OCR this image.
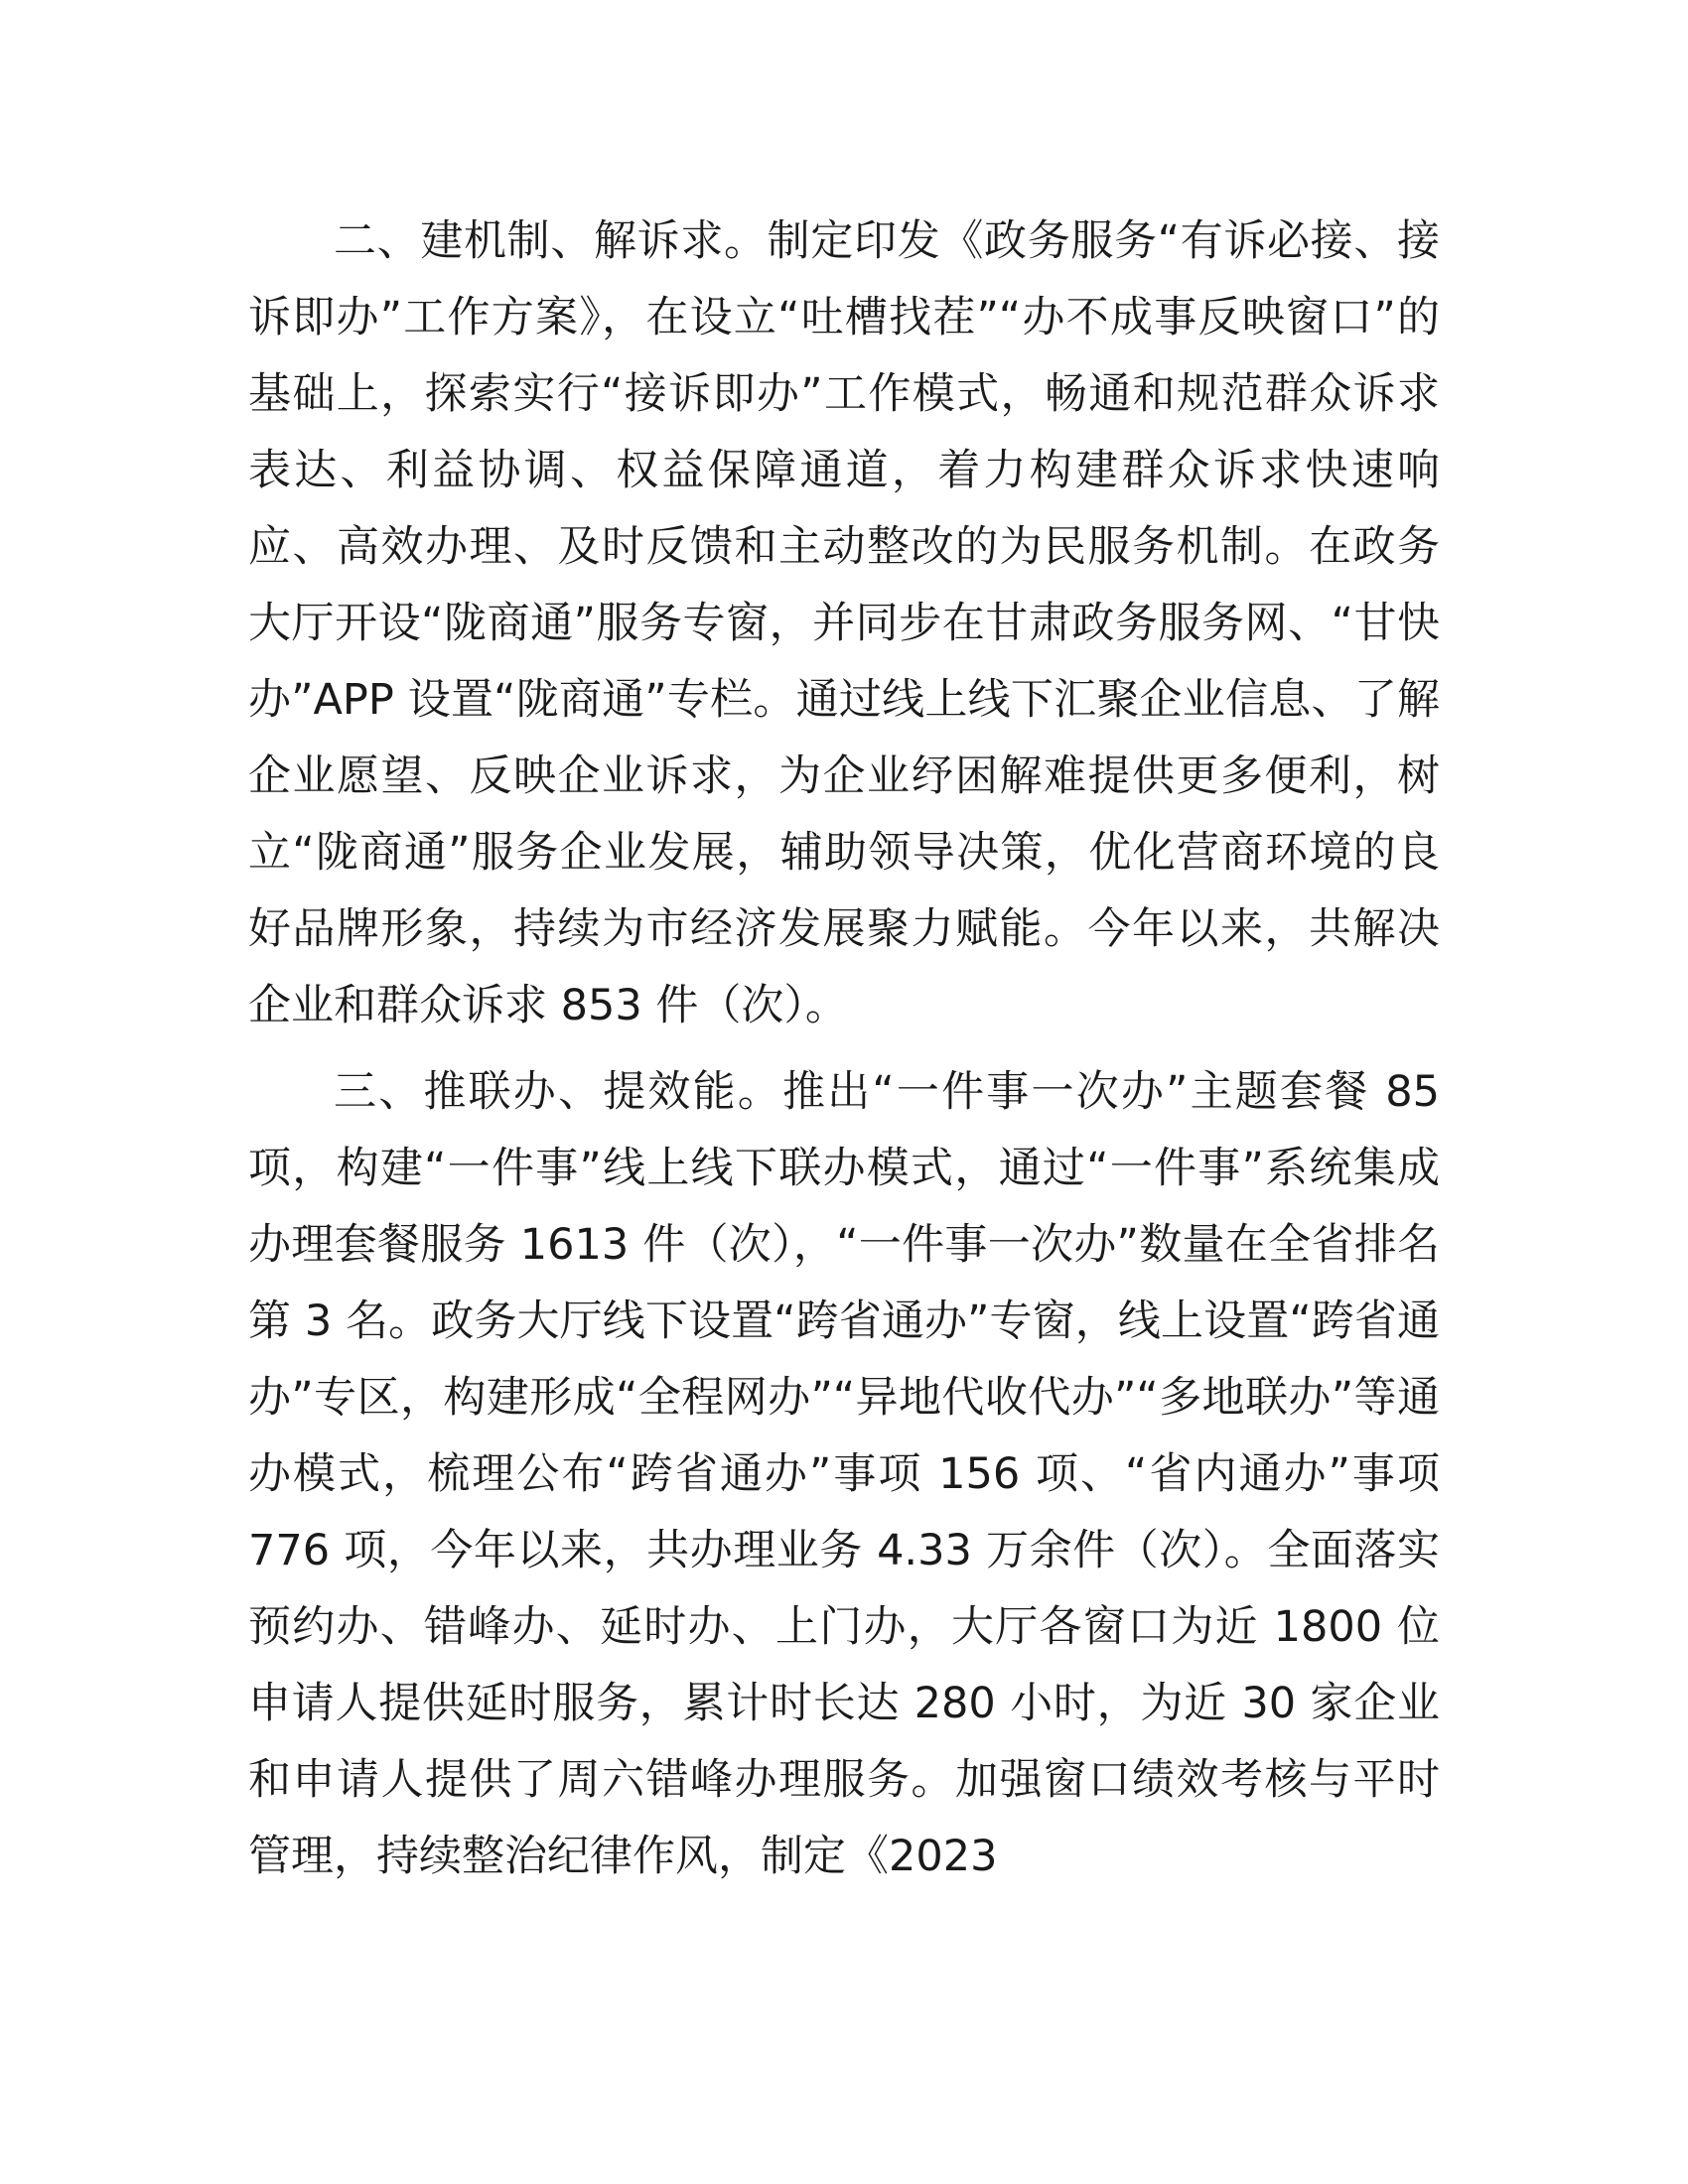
二、建机制、解诉求。制定印发《政务服务“有诉必接、接诉即办”工作方案》，在设立“吐槽找茬”“办不成事反映窗口”的基础上，探索实行“接诉即办”工作模式，畅通和规范群众诉求表达、利益协调、权益保障通道，着力构建群众诉求快速响应、高效办理、及时反馈和主动整改的为民服务机制。在政务大厅开设“陇商通”服务专窗，并同步在甘肃政务服务网、“甘快办”APP 设置“陇商通”专栏。通过线上线下汇聚企业信息、了解企业愿望、反映企业诉求，为企业纾困解难提供更多便利，树立“陇商通”服务企业发展，辅助领导决策，优化营商环境的良好品牌形象，持续为市经济发展聚力赋能。今年以来，共解决企业和群众诉求 853 件（次）。

三、推联办、提效能。推出“一件事一次办”主题套餐 85 项，构建“一件事”线上线下联办模式，通过“一件事”系统集成办理套餐服务 1613 件（次），“一件事一次办”数量在全省排名第 3 名。政务大厅线下设置“跨省通办”专窗，线上设置“跨省通办”专区，构建形成“全程网办”“异地代收代办”“多地联办”等通办模式，梳理公布“跨省通办”事项 156 项、“省内通办”事项 776 项，今年以来，共办理业务 4.33 万余件（次）。全面落实预约办、错峰办、延时办、上门办，大厅各窗口为近 1800 位申请人提供延时服务，累计时长达 280 小时，为近 30 家企业和申请人提供了周六错峰办理服务。加强窗口绩效考核与平时管理，持续整治纪律作风，制定《2023
